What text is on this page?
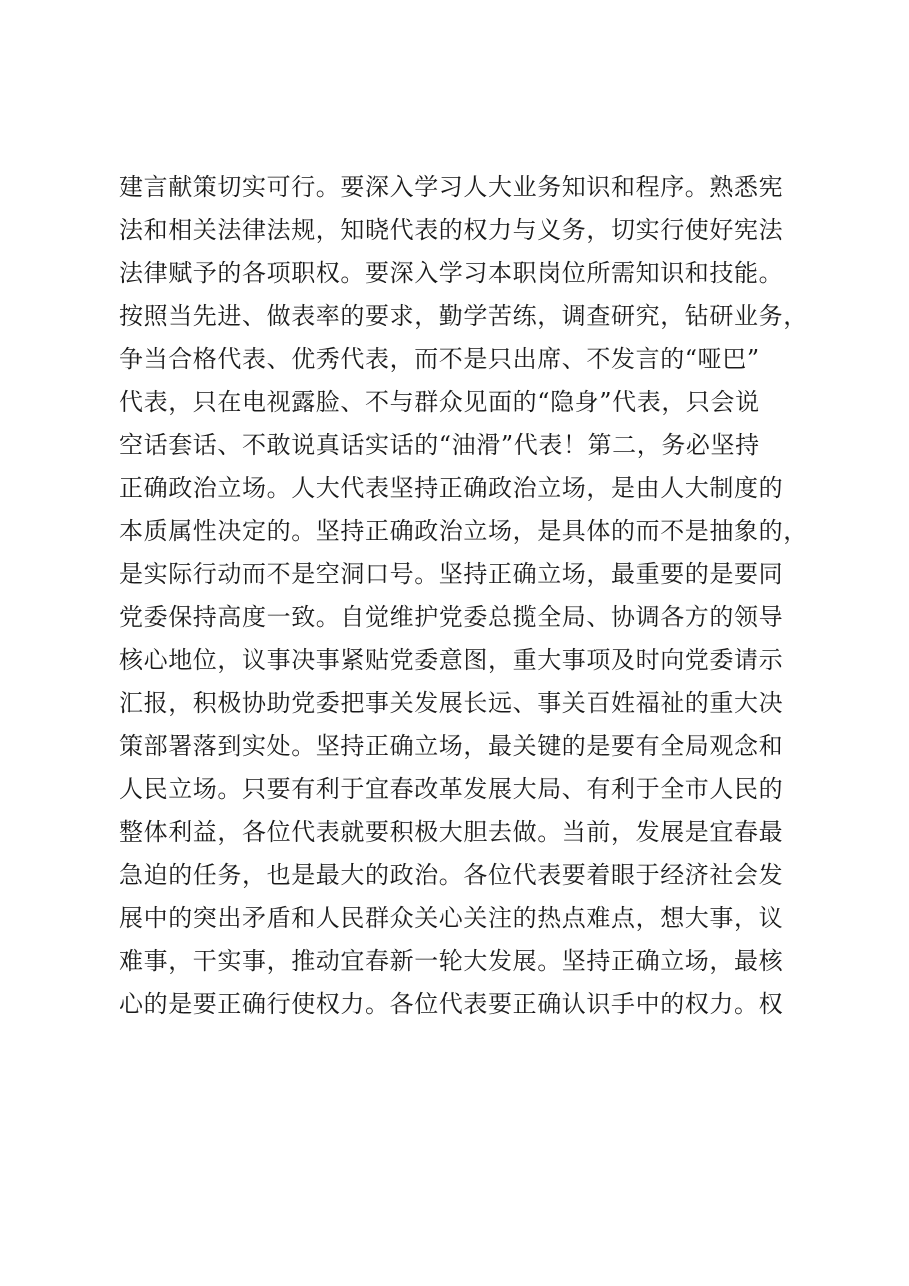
建言献策切实可行。要深入学习人大业务知识和程序。熟悉宪
法和相关法律法规，知晓代表的权力与义务，切实行使好宪法
法律赋予的各项职权。要深入学习本职岗位所需知识和技能。
按照当先进、做表率的要求，勤学苦练，调查研究，钻研业务，
争当合格代表、优秀代表，而不是只出席、不发言的“哑巴”
代表，只在电视露脸、不与群众见面的“隐身”代表，只会说
空话套话、不敢说真话实话的“油滑”代表！第二，务必坚持
正确政治立场。人大代表坚持正确政治立场，是由人大制度的
本质属性决定的。坚持正确政治立场，是具体的而不是抽象的，
是实际行动而不是空洞口号。坚持正确立场，最重要的是要同
党委保持高度一致。自觉维护党委总揽全局、协调各方的领导
核心地位，议事决事紧贴党委意图，重大事项及时向党委请示
汇报，积极协助党委把事关发展长远、事关百姓福祉的重大决
策部署落到实处。坚持正确立场，最关键的是要有全局观念和
人民立场。只要有利于宜春改革发展大局、有利于全市人民的
整体利益，各位代表就要积极大胆去做。当前，发展是宜春最
急迫的任务，也是最大的政治。各位代表要着眼于经济社会发
展中的突出矛盾和人民群众关心关注的热点难点，想大事，议
难事，干实事，推动宜春新一轮大发展。坚持正确立场，最核
心的是要正确行使权力。各位代表要正确认识手中的权力。权
